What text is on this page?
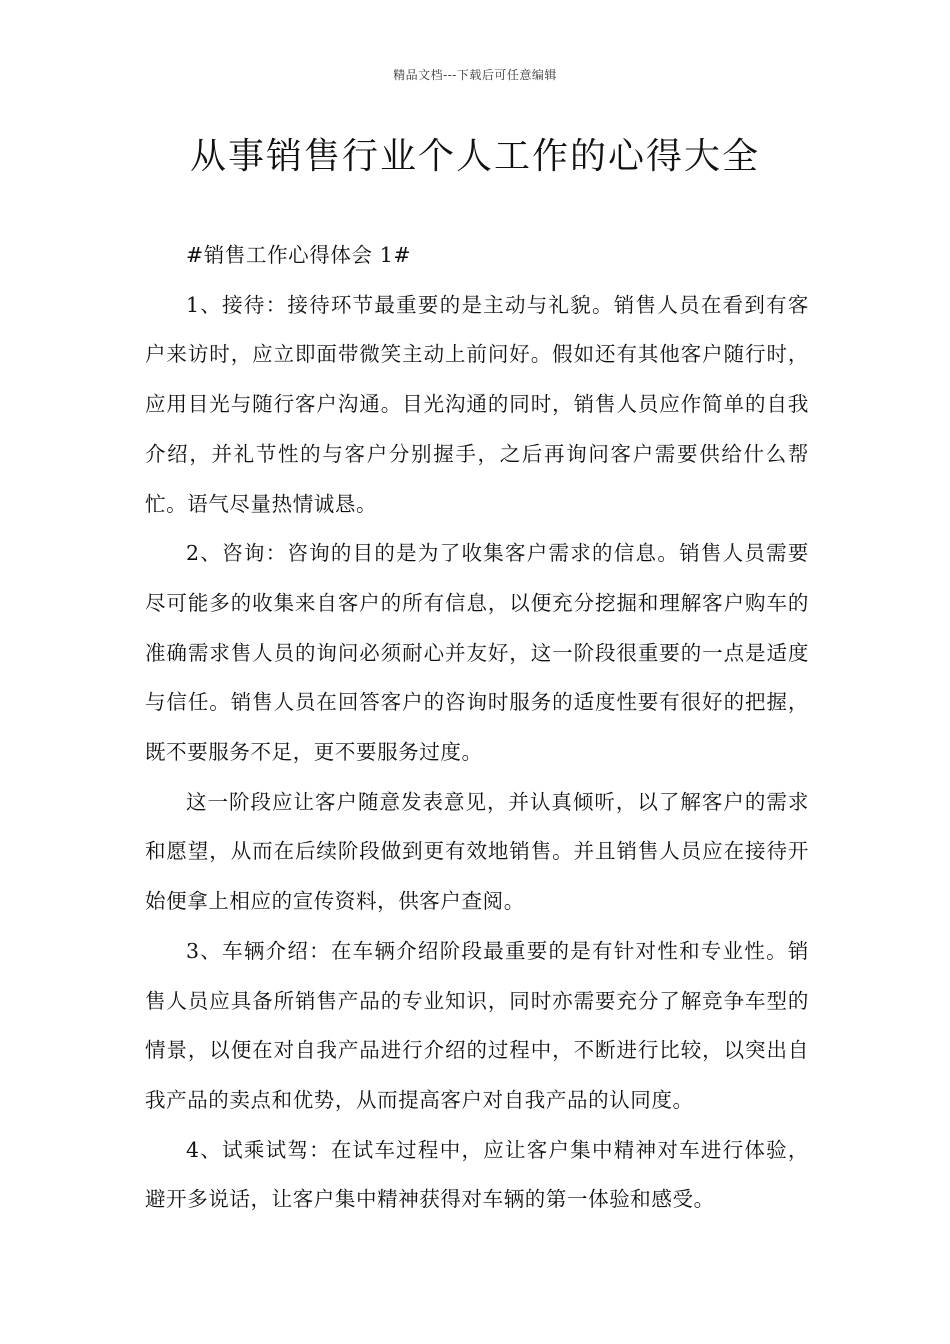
精品文档---下载后可任意编辑
从事销售行业个人工作的心得大全

#销售工作心得体会 1#

1、接待：接待环节最重要的是主动与礼貌。销售人员在看到有客户来访时，应立即面带微笑主动上前问好。假如还有其他客户随行时，应用目光与随行客户沟通。目光沟通的同时，销售人员应作简单的自我介绍，并礼节性的与客户分别握手，之后再询问客户需要供给什么帮忙。语气尽量热情诚恳。

2、咨询：咨询的目的是为了收集客户需求的信息。销售人员需要尽可能多的收集来自客户的所有信息，以便充分挖掘和理解客户购车的准确需求售人员的询问必须耐心并友好，这一阶段很重要的一点是适度与信任。销售人员在回答客户的咨询时服务的适度性要有很好的把握，既不要服务不足，更不要服务过度。

这一阶段应让客户随意发表意见，并认真倾听，以了解客户的需求和愿望，从而在后续阶段做到更有效地销售。并且销售人员应在接待开始便拿上相应的宣传资料，供客户查阅。

3、车辆介绍：在车辆介绍阶段最重要的是有针对性和专业性。销售人员应具备所销售产品的专业知识，同时亦需要充分了解竞争车型的情景，以便在对自我产品进行介绍的过程中，不断进行比较，以突出自我产品的卖点和优势，从而提高客户对自我产品的认同度。

4、试乘试驾：在试车过程中，应让客户集中精神对车进行体验，避开多说话，让客户集中精神获得对车辆的第一体验和感受。
